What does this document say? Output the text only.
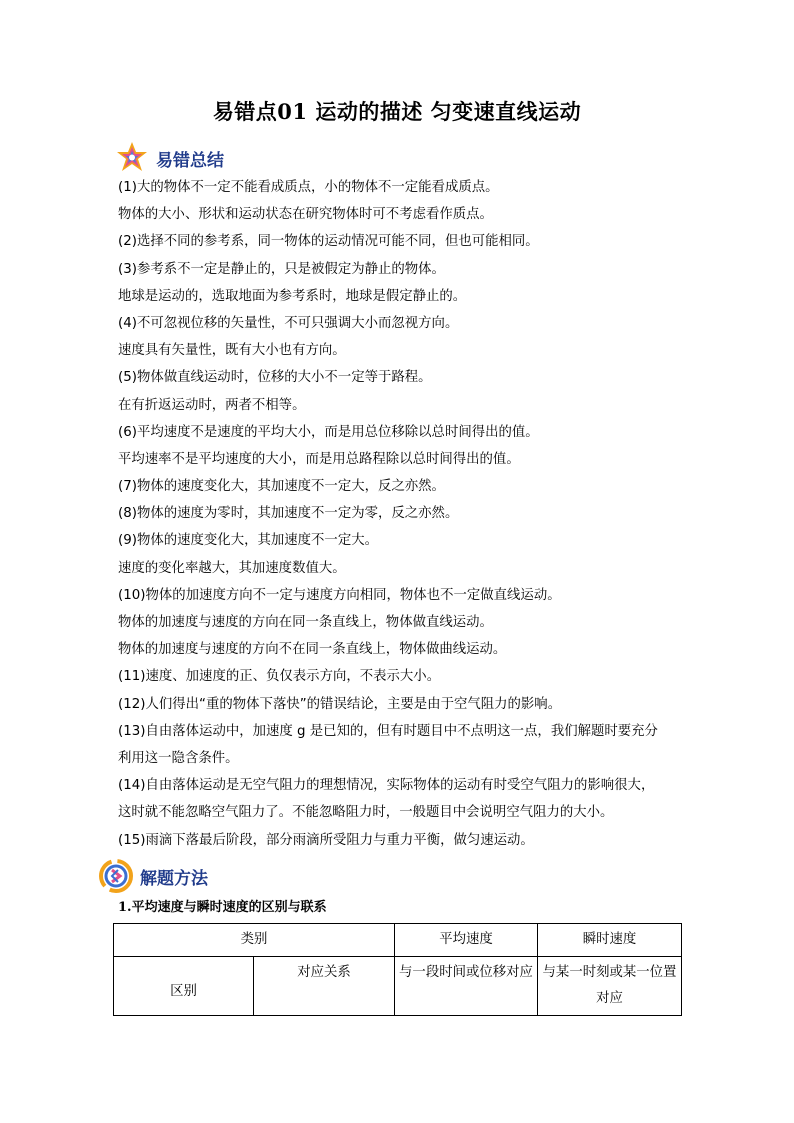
易错点01 运动的描述 匀变速直线运动
易错总结
(1)大的物体不一定不能看成质点，小的物体不一定能看成质点。
物体的大小、形状和运动状态在研究物体时可不考虑看作质点。
(2)选择不同的参考系，同一物体的运动情况可能不同，但也可能相同。
(3)参考系不一定是静止的，只是被假定为静止的物体。
地球是运动的，选取地面为参考系时，地球是假定静止的。
(4)不可忽视位移的矢量性，不可只强调大小而忽视方向。
速度具有矢量性，既有大小也有方向。
(5)物体做直线运动时，位移的大小不一定等于路程。
在有折返运动时，两者不相等。
(6)平均速度不是速度的平均大小，而是用总位移除以总时间得出的值。
平均速率不是平均速度的大小，而是用总路程除以总时间得出的值。
(7)物体的速度变化大，其加速度不一定大，反之亦然。
(8)物体的速度为零时，其加速度不一定为零，反之亦然。
(9)物体的速度变化大，其加速度不一定大。
速度的变化率越大，其加速度数值大。
(10)物体的加速度方向不一定与速度方向相同，物体也不一定做直线运动。
物体的加速度与速度的方向在同一条直线上，物体做直线运动。
物体的加速度与速度的方向不在同一条直线上，物体做曲线运动。
(11)速度、加速度的正、负仅表示方向，不表示大小。
(12)人们得出“重的物体下落快”的错误结论，主要是由于空气阻力的影响。
(13)自由落体运动中，加速度 g 是已知的，但有时题目中不点明这一点，我们解题时要充分
利用这一隐含条件。
(14)自由落体运动是无空气阻力的理想情况，实际物体的运动有时受空气阻力的影响很大，
这时就不能忽略空气阻力了。不能忽略阻力时，一般题目中会说明空气阻力的大小。
(15)雨滴下落最后阶段，部分雨滴所受阻力与重力平衡，做匀速运动。
解题方法
1.平均速度与瞬时速度的区别与联系
类别		平均速度	瞬时速度
区别	对应关系	与一段时间或位移对应	与某一时刻或某一位置对应
